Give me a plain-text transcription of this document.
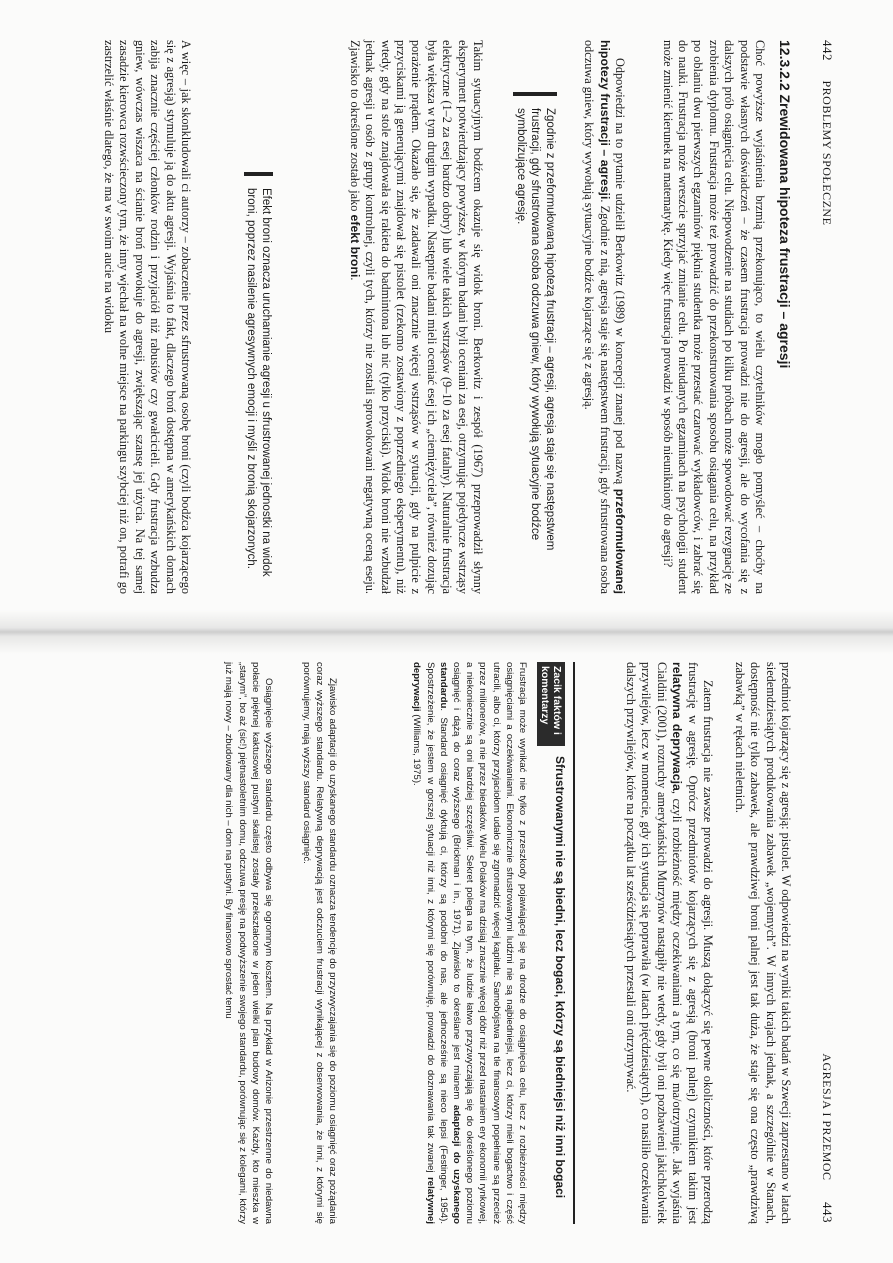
442 PROBLEMY SPOŁECZNE
12.3.2.2 Zrewidowana hipoteza frustracji – agresji

Choć powyższe wyjaśnienia brzmią przekonująco, to wielu czytelników mogło pomyśleć – choćby na podstawie własnych doświadczeń – że czasem frustracja prowadzi nie do agresji, ale do wycofania się z dalszych prób osiągnięcia celu. Niepowodzenie na studiach po kilku próbach może spowodować rezygnację ze zrobienia dyplomu. Frustracja może też prowadzić do przekonstruowania sposobu osiągania celu, na przykład po oblaniu dwu pierwszych egzaminów pięknia studentka może przestać czarować wykładowców, i zabrać się do nauki. Frustracja może wreszcie sprzyjać zmianie celu. Po nieudanych egzaminach na psychologii student może zmienić kierunek na matematykę. Kiedy więc frustracja prowadzi w sposób nieunikniony do agresji?

Odpowiedzi na to pytanie udzielił Berkowitz (1989) w koncepcji znanej pod nazwą przeformułowanej hipotezy frustracji – agresji. Zgodnie z nią, agresja staje się następstwem frustracji, gdy sfrustrowana osoba odczuwa gniew, który wywołują sytuacyjne bodźce kojarzące się z agresją.

Zgodnie z przeformułowaną hipotezą frustracji – agresji, agresja staje się następstwem frustracji, gdy sfrustrowana osoba odczuwa gniew, który wywołują sytuacyjne bodźce symbolizujące agresję.

Takim sytuacyjnym bodźcem okazuje się widok broni. Berkowitz i zespół (1967) przeprowadził słynny eksperyment potwierdzający powyższe, w którym badani byli oceniani za esej, otrzymując pojedyncze wstrząsy elektryczne (1–2 za esej bardzo dobry) lub wiele takich wstrząsów (9–10 za esej fatalny). Naturalnie frustracja była większa w tym drugim wypadku. Następnie badani mieli oceniać esej ich „ciemiężyciela”, również dozując porażenie prądem. Okazało się, że zadawali oni znacznie więcej wstrząsów w sytuacji, gdy na pulpicie z przyciskami ją generującymi znajdował się pistolet (rzekomo zostawiony z poprzedniego eksperymentu), niż wtedy, gdy na stole znajdowała się rakieta do badmintona lub nic (tylko przyciski). Widok broni nie wzbudzał jednak agresji u osób z grupy kontrolnej, czyli tych, którzy nie zostali sprowokowani negatywną oceną eseju. Zjawisko to określone zostało jako efekt broni.

Efekt broni oznacza uruchamianie agresji u sfrustrowanej jednostki na widok broni, poprzez nasilenie agresywnych emocji i myśli z bronią skojarzonych.

A więc – jak skonkludowali ci autorzy – zobaczenie przez sfrustrowaną osobę broni (czyli bodźca kojarzącego się z agresją) stymuluje ją do aktu agresji. Wyjaśnia to fakt, dlaczego broń dostępna w amerykańskich domach zabija znacznie częściej członków rodzin i przyjaciół niż rabusiów czy gwałcicieli. Gdy frustracja wzbudza gniew, wówczas wiszaca na ścianie broń prowokuje do agresji, zwiększając szansę jej użycia. Na tej samej zasadzie kierowca rozwścieczony tym, że inny wjechał na wolne miejsce na parkingu szybciej niż on, potrafi go zastrzelić właśnie dlatego, że ma w swoim aucie na widoku

AGRESJA I PRZEMOC 443

przedmiot kojarzący się z agresją: pistolet. W odpowiedzi na wyniki takich badań w Szwecji zaprzestano w latach siedemdziesiątych produkowania zabawek „wojennych”. W innych krajach jednak, a szczególnie w Stanach, dostępność nie tylko zabawek, ale prawdziwej broni palnej jest tak duża, że staje się ona często „prawdziwą zabawką” w rękach nieletnich.

Zatem frustracja nie zawsze prowadzi do agresji. Muszą dołączyć się pewne okoliczności, które przerodzą frustrację w agresję. Oprócz przedmiotów kojarzących się z agresją (broni palnej) czynnikiem takim jest relatywna deprywacja, czyli rozbieżność między oczekiwaniami a tym, co się ma/otrzymuje. Jak wyjaśnia Cialdini (2001), rozruchy amerykańskich Murzynów nastąpiły nie wtedy, gdy byli oni pozbawieni jakichkolwiek przywilejów, lecz w momencie, gdy ich sytuacja się poprawiła (w latach pięćdziesiątych), co nasiliło oczekiwania dalszych przywilejów, które na początku lat sześćdziesiątych przestali oni otrzymywać.

Zacik faktów i komentarzy
Sfrustrowanymi nie są biedni, lecz bogaci, którzy są biedniejsi niż inni bogaci

Frustracja może wynikać nie tylko z przeszkody pojawiającej się na drodze do osiągnięcia celu, lecz z rozbieżności między osiągnięciami a oczekiwaniami. Ekonomicznie sfrustrowanymi ludźmi nie są najbiedniejsi, lecz ci, którzy mieli bogactwo i część utracili, albo ci, którzy przyjaciołom udało się zgromadzić więcej kapitału. Samobójstwa na tle finansowym popełniane są przecież przez milionerów, a nie przez biedaków. Wielu Polaków ma dzisiaj znacznie więcej dóbr niż przed nastaniem ery ekonomii rynkowej, a niekoniecznie są oni bardziej szczęśliwi. Sekret polega na tym, że ludzie łatwo przyzwyczajają się do określonego poziomu osiągnięć i dążą do coraz wyższego (Brickman i in., 1971). Zjawisko to określane jest mianem adaptacji do uzyskanego standardu. Standard osiągnięć dyktują ci, którzy są podobni do nas, ale jednocześnie są nieco lepsi (Festinger, 1954). Spostrzeżenie, że jestem w gorszej sytuacji niż inni, z którymi się porównuję, prowadzi do doznawania tak zwanej relatywnej deprywacji (Williams, 1975).

Zjawisko adaptacji do uzyskanego standardu oznacza tendencję do przyzwyczajania się do poziomu osiągnięć oraz pożądania coraz wyższego standardu. Relatywną deprywacją jest odczuciem frustracji wynikającej z obserwowania, że inni, z którymi się porównujemy, mają wyższy standard osiągnięć.

Osiągnięcie wyższego standardu często odbywa się ogromnym kosztem. Na przykład w Arizonie przestrzenne do niedawna połacie pięknej kaktusowej pustyni skalistej zostały przekształcone w jeden wielki plan budowy domów. Każdy, kto mieszka w „starym”, bo aż (sic!) piętnastoletnim domu, odczuwa presję na podwyższenie swojego standardu, porównując się z kolegami, którzy już mają nowy – zbudowany dla nich – dom na pustyni. By finansowo sprostać temu
